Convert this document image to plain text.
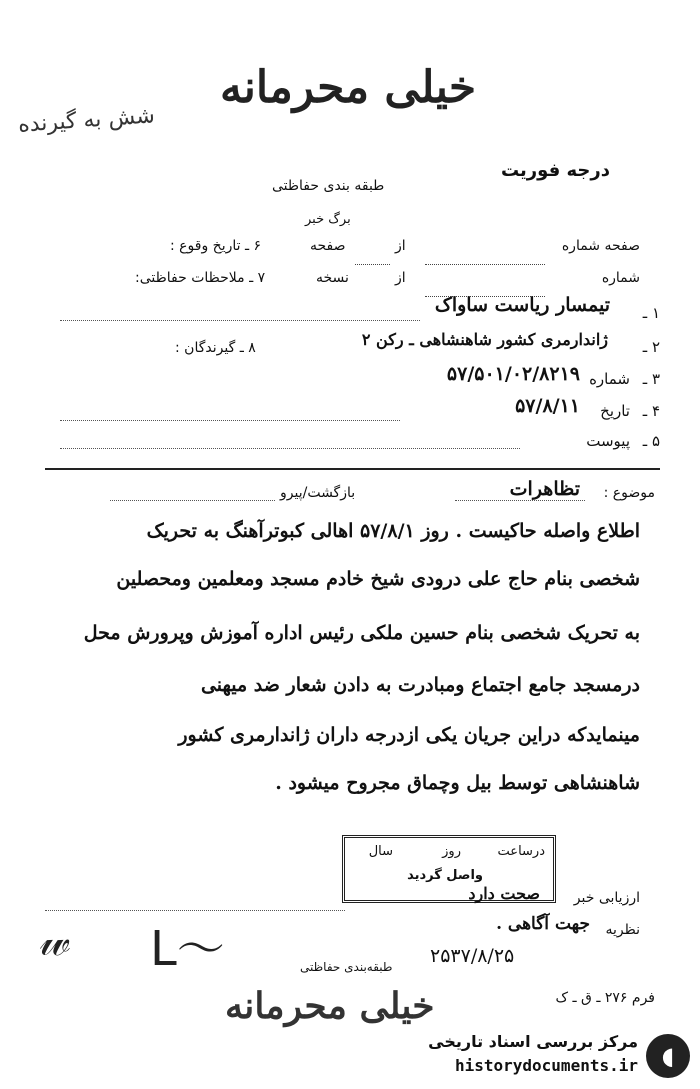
خیلی محرمانه
شش به گیرنده
درجه فوریت
طبقه بندی حفاظتی
برگ خبر
صفحه شماره
از
صفحه
۶ ـ تاریخ وقوع :
شماره
از
نسخه
۷ ـ ملاحظات حفاظتی:
۱ ـ
تیمسار ریاست ساواک
۲ ـ
ژاندارمری کشور شاهنشاهی ـ رکن ۲
۸ ـ گیرندگان :
۳ ـ
شماره
۵۷/۵۰۱/۰۲/۸۲۱۹
۴ ـ
تاریخ
۵۷/۸/۱۱
۵ ـ
پیوست
موضوع :
تظاهرات
بازگشت/پیرو
اطلاع واصله حاکیست . روز ۵۷/۸/۱ اهالی کبوترآهنگ به تحریک
شخصی بنام حاج علی درودی شیخ خادم مسجد ومعلمین ومحصلین
به تحریک شخصی بنام حسین ملکی رئیس اداره آموزش وپرورش محل
درمسجد جامع اجتماع ومبادرت به دادن شعار ضد میهنی
مینمایدکه دراین جریان یکی ازدرجه داران ژاندارمری کشور
شاهنشاهی توسط بیل وچماق مجروح میشود .
درساعت
روز
سال
واصل گردید
ارزیابی خبر
صحت دارد
نظریه
جهت آگاهی .
〜ᒪ
𝓌	۲۵۳۷/۸/۲۵
طبقه‌بندی حفاظتی
فرم ۲۷۶ ـ ق ـ ک
خیلی محرمانه
◖
مرکز بررسی اسناد تاریخی
historydocuments.ir
